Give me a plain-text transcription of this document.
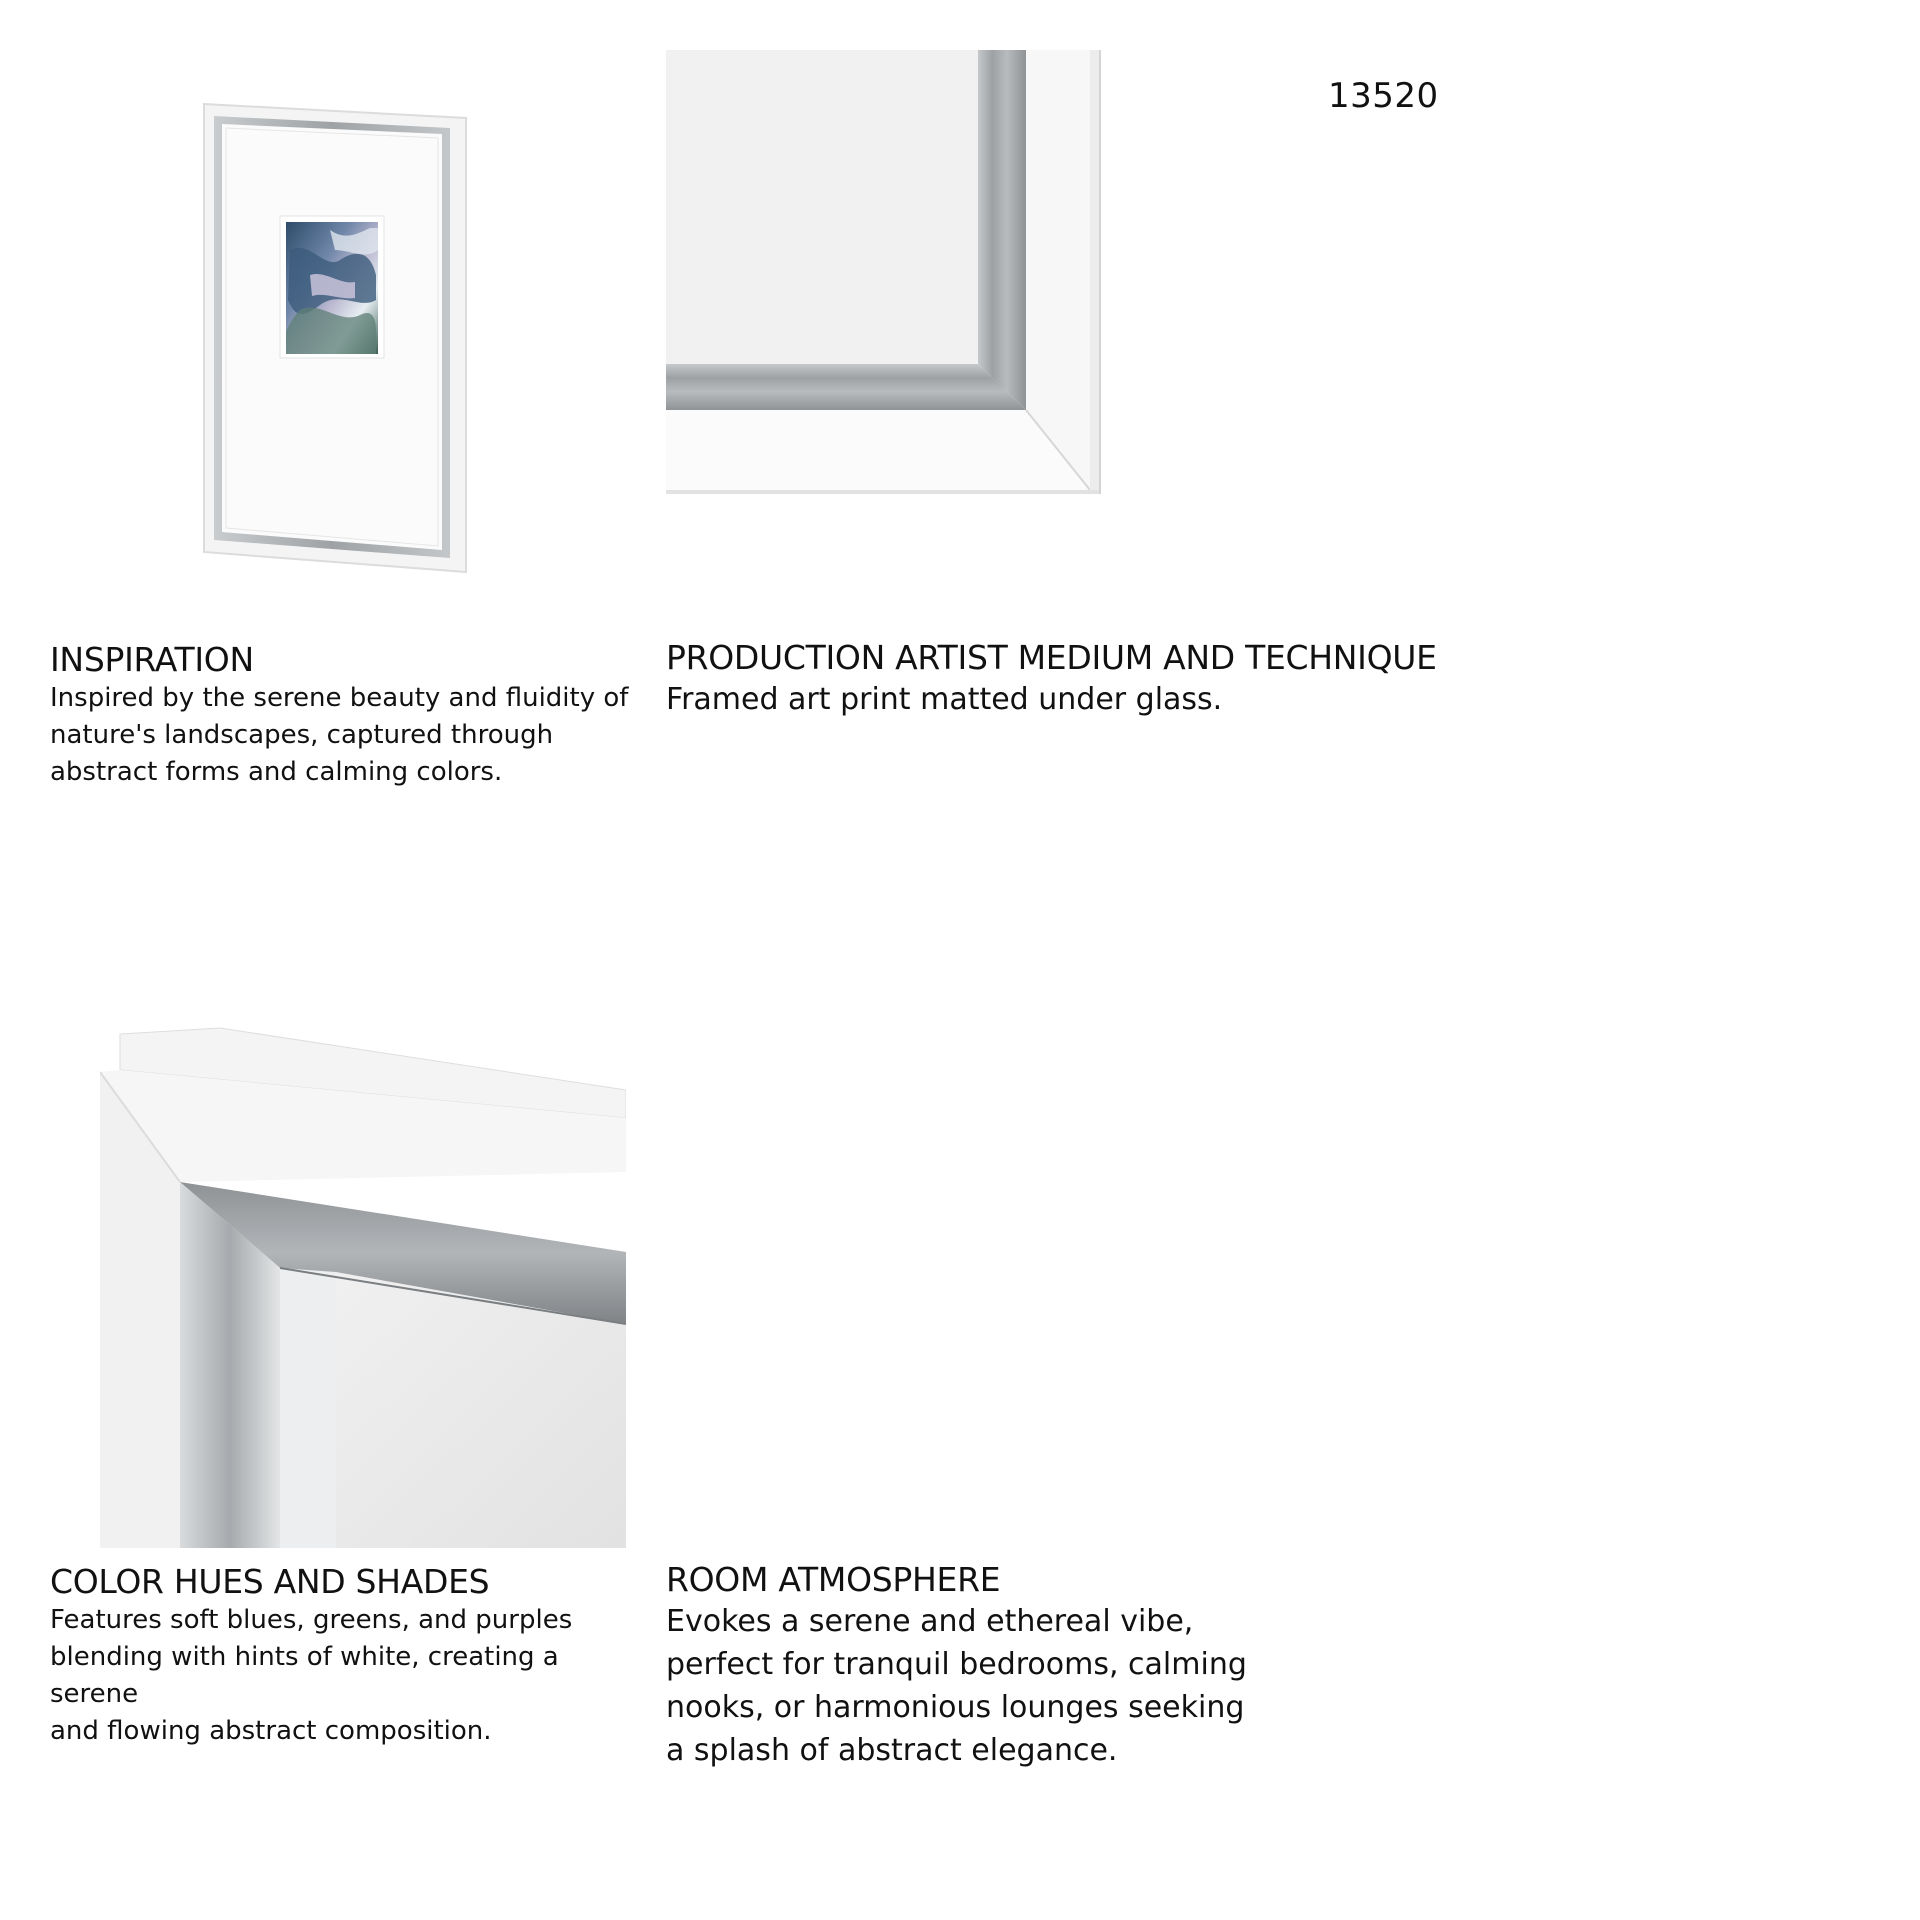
13520
INSPIRATION

Inspired by the serene beauty and fluidity of
nature's landscapes, captured through
abstract forms and calming colors.

PRODUCTION ARTIST MEDIUM AND TECHNIQUE

Framed art print matted under glass.

COLOR HUES AND SHADES

Features soft blues, greens, and purples
blending with hints of white, creating a serene
and flowing abstract composition.

ROOM ATMOSPHERE

Evokes a serene and ethereal vibe,
perfect for tranquil bedrooms, calming
nooks, or harmonious lounges seeking
a splash of abstract elegance.
